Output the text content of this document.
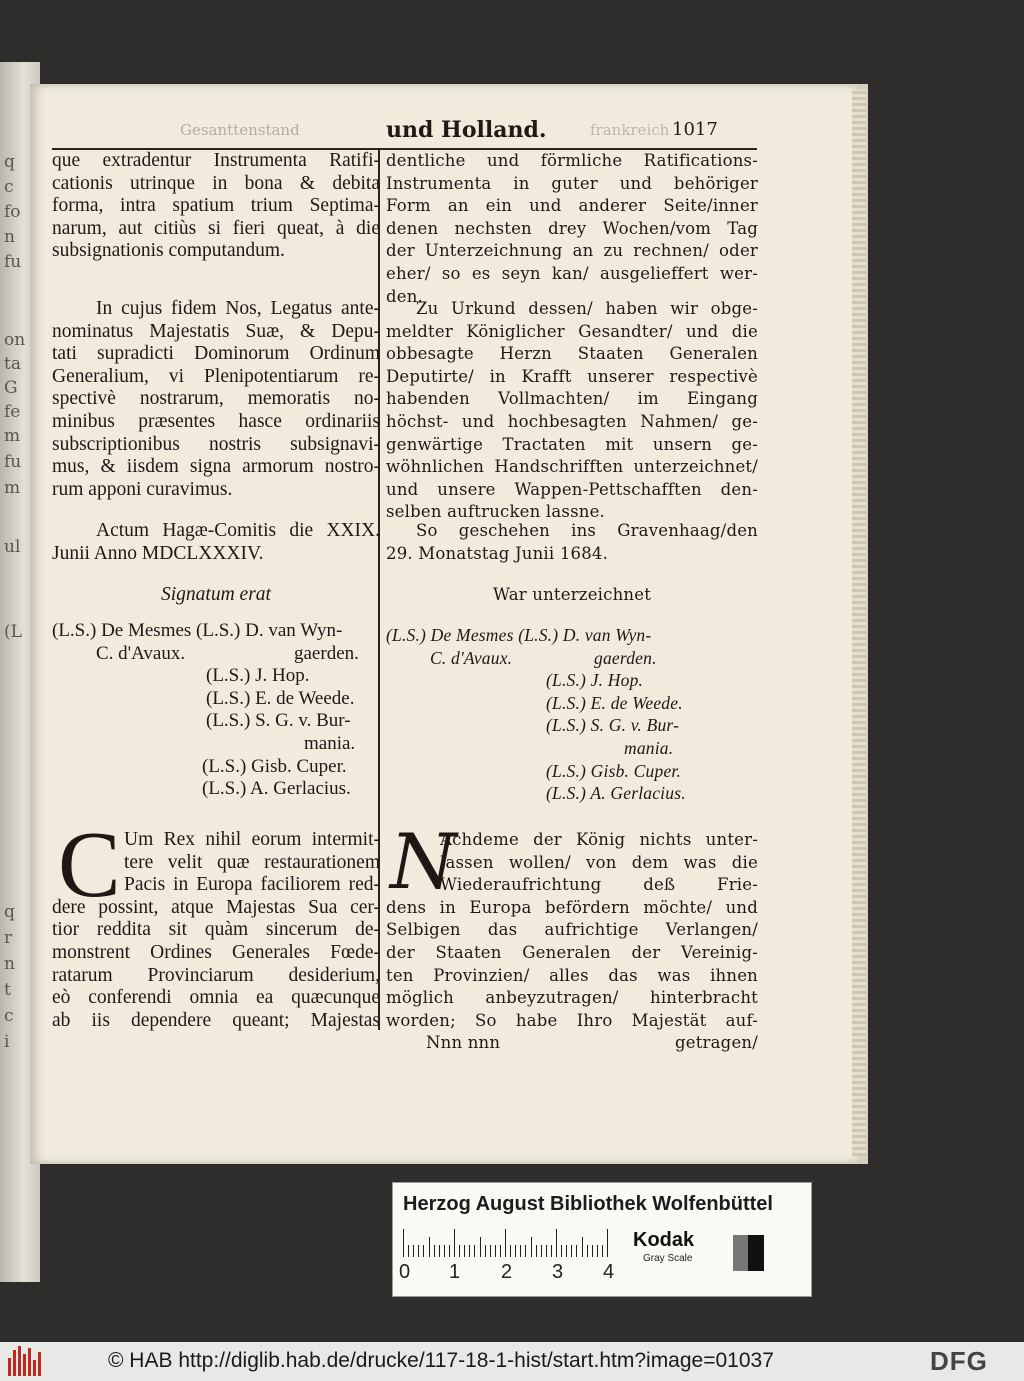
q
c
fo
n
fu
on
ta
G
fe
m
fu
m
ul
(L
q
r
n
t
c
i
Gesanttenstand	und Holland.	frankreich 1017
que extradentur Instrumenta Ratifi-
cationis utrinque in bona & debita
forma, intra spatium trium Septima-
narum, aut citiùs si fieri queat, à die
subsignationis computandum.
In cujus fidem Nos, Legatus ante-
nominatus Majestatis Suæ, & Depu-
tati supradicti Dominorum Ordinum
Generalium, vi Plenipotentiarum re-
spectivè nostrarum, memoratis no-
minibus præsentes hasce ordinariis
subscriptionibus nostris subsignavi-
mus, & iisdem signa armorum nostro-
rum apponi curavimus.
Actum Hagæ-Comitis die XXIX.
Junii Anno MDCLXXXIV.
Signatum erat
(L.S.) De Mesmes (L.S.) D. van Wyn-
C. d'Avaux.	gaerden.
(L.S.) J. Hop.
(L.S.) E. de Weede.
(L.S.) S. G. v. Bur-
mania.
(L.S.) Gisb. Cuper.
(L.S.) A. Gerlacius.
C Um Rex nihil eorum intermit-
tere velit quæ restaurationem
Pacis in Europa faciliorem red-
dere possint, atque Majestas Sua cer-
tior reddita sit quàm sincerum de-
monstrent Ordines Generales Fœde-
ratarum Provinciarum desiderium,
eò conferendi omnia ea quæcunque
ab iis dependere queant; Majestas
dentliche und förmliche Ratifications-
Instrumenta in guter und behöriger
Form an ein und anderer Seite/inner
denen nechsten drey Wochen/vom Tag
der Unterzeichnung an zu rechnen/ oder
eher/ so es seyn kan/ ausgelieffert wer-
den.
Zu Urkund dessen/ haben wir obge-
meldter Königlicher Gesandter/ und die
obbesagte Herzn Staaten Generalen
Deputirte/ in Krafft unserer respectivè
habenden Vollmachten/ im Eingang
höchst- und hochbesagten Nahmen/ ge-
genwärtige Tractaten mit unsern ge-
wöhnlichen Handschrifften unterzeichnet/
und unsere Wappen-Pettschafften den-
selben auftrucken lassne.
So geschehen ins Gravenhaag/den
29. Monatstag Junii 1684.
War unterzeichnet
(L.S.) De Mesmes (L.S.) D. van Wyn-
C. d'Avaux.	gaerden.
(L.S.) J. Hop.
(L.S.) E. de Weede.
(L.S.) S. G. v. Bur-
mania.
(L.S.) Gisb. Cuper.
(L.S.) A. Gerlacius.
N
Achdeme der König nichts unter-
lassen wollen/ von dem was die
Wiederaufrichtung deß Frie-
dens in Europa befördern möchte/ und
Selbigen das aufrichtige Verlangen/
der Staaten Generalen der Vereinig-
ten Provinzien/ alles das was ihnen
möglich anbeyzutragen/ hinterbracht
worden; So habe Ihro Majestät auf-
Nnn nnn	getragen/
Herzog August Bibliothek Wolfenbüttel
0 1 2 3 4
Kodak
Gray Scale
© HAB http://diglib.hab.de/drucke/117-18-1-hist/start.htm?image=01037	DFG
